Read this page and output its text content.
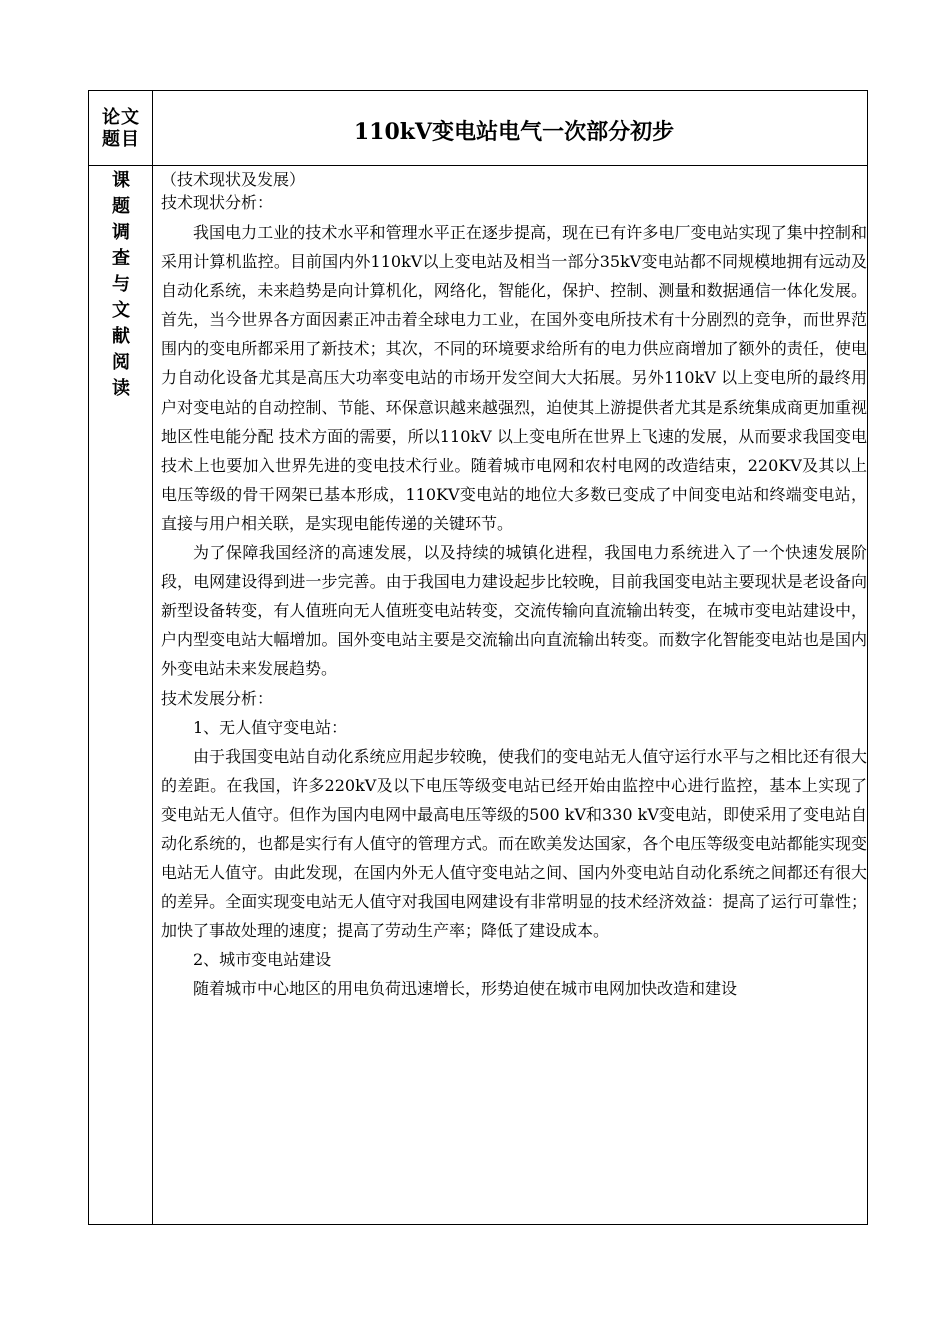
论文题目	110kV变电站电气一次部分初步
课
题
调
查
与
文
献
阅
读

（技术现状及发展）

技术现状分析：

我国电力工业的技术水平和管理水平正在逐步提高，现在已有许多电厂变电站实现了集中控制和采用计算机监控。目前国内外110kV以上变电站及相当一部分35kV变电站都不同规模地拥有远动及自动化系统，未来趋势是向计算机化，网络化，智能化，保护、控制、测量和数据通信一体化发展。首先，当今世界各方面因素正冲击着全球电力工业，在国外变电所技术有十分剧烈的竞争，而世界范围内的变电所都采用了新技术；其次，不同的环境要求给所有的电力供应商增加了额外的责任，使电力自动化设备尤其是高压大功率变电站的市场开发空间大大拓展。另外110kV 以上变电所的最终用户对变电站的自动控制、节能、环保意识越来越强烈，迫使其上游提供者尤其是系统集成商更加重视地区性电能分配 技术方面的需要，所以110kV 以上变电所在世界上飞速的发展，从而要求我国变电技术上也要加入世界先进的变电技术行业。随着城市电网和农村电网的改造结束，220KV及其以上电压等级的骨干网架已基本形成，110KV变电站的地位大多数已变成了中间变电站和终端变电站，直接与用户相关联，是实现电能传递的关键环节。

为了保障我国经济的高速发展，以及持续的城镇化进程，我国电力系统进入了一个快速发展阶段，电网建设得到进一步完善。由于我国电力建设起步比较晚，目前我国变电站主要现状是老设备向新型设备转变，有人值班向无人值班变电站转变，交流传输向直流输出转变，在城市变电站建设中，户内型变电站大幅增加。国外变电站主要是交流输出向直流输出转变。而数字化智能变电站也是国内外变电站未来发展趋势。

技术发展分析：

1、无人值守变电站：

由于我国变电站自动化系统应用起步较晚，使我们的变电站无人值守运行水平与之相比还有很大的差距。在我国，许多220kV及以下电压等级变电站已经开始由监控中心进行监控，基本上实现了变电站无人值守。但作为国内电网中最高电压等级的500 kV和330 kV变电站，即使采用了变电站自动化系统的，也都是实行有人值守的管理方式。而在欧美发达国家，各个电压等级变电站都能实现变电站无人值守。由此发现，在国内外无人值守变电站之间、国内外变电站自动化系统之间都还有很大的差异。全面实现变电站无人值守对我国电网建设有非常明显的技术经济效益：提高了运行可靠性；加快了事故处理的速度；提高了劳动生产率；降低了建设成本。

2、城市变电站建设

随着城市中心地区的用电负荷迅速增长，形势迫使在城市电网加快改造和建设
